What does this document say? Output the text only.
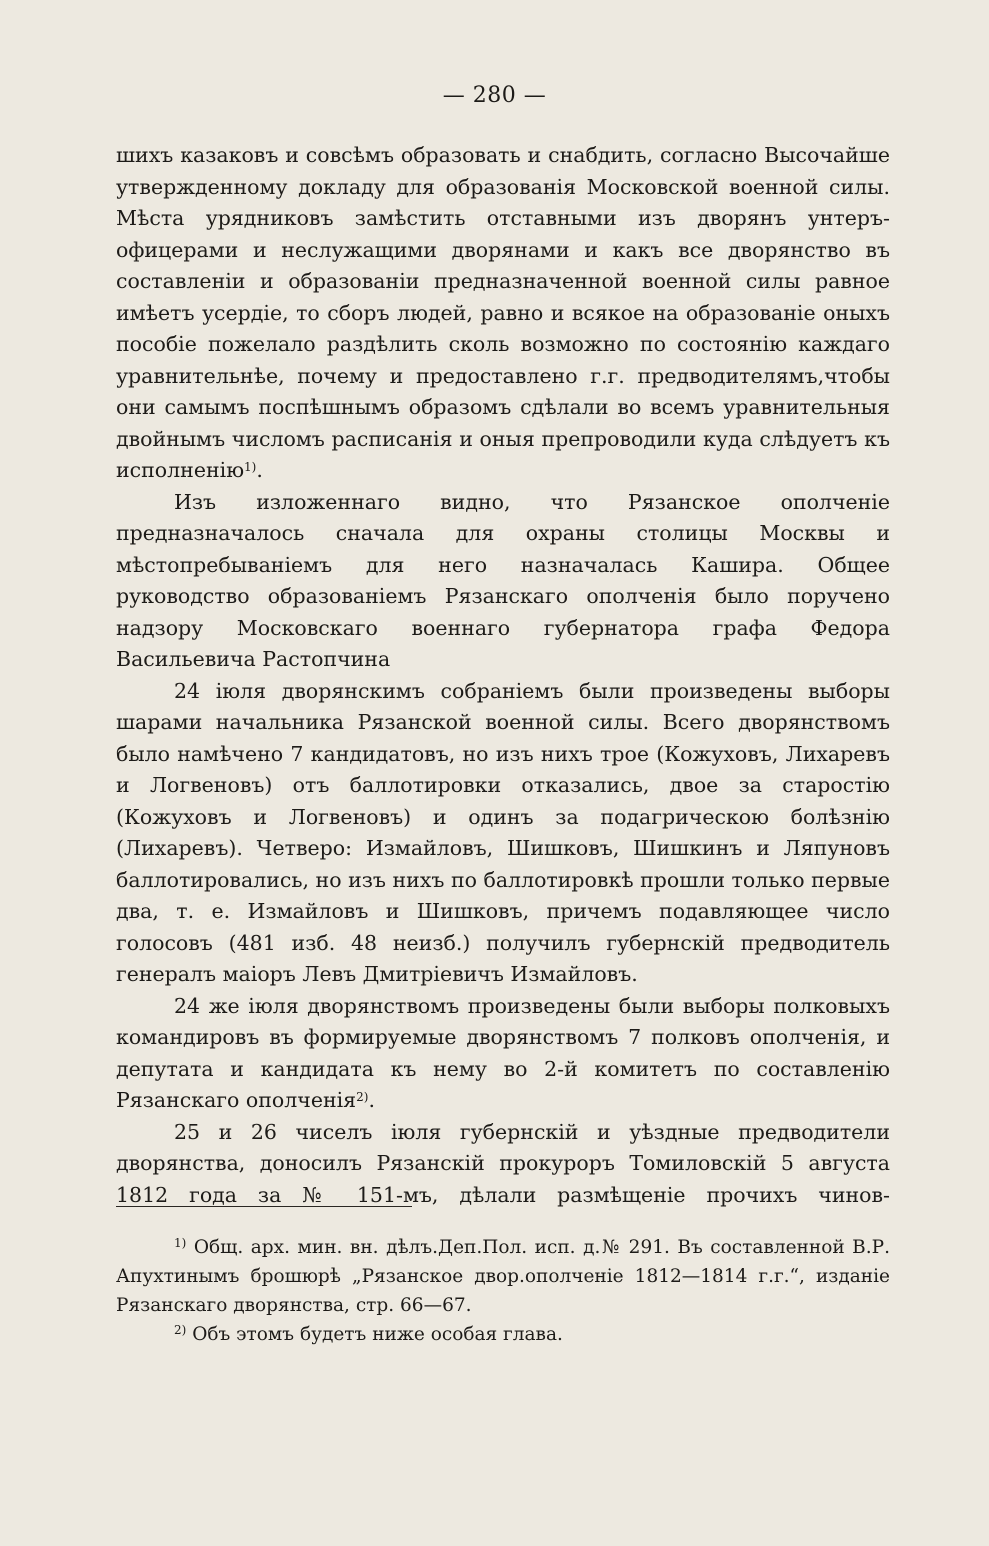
— 280 —

шихъ казаковъ и совсѣмъ образовать и снабдить, согласно Высочайше утвержденному докладу для образованія Московской военной силы. Мѣста урядниковъ замѣстить отставными изъ дворянъ унтеръ-офицерами и неслужащими дворянами и какъ все дворянство въ составленіи и образованіи предназначенной военной силы равное имѣетъ усердіе, то сборъ людей, равно и всякое на образованіе оныхъ пособіе пожелало раздѣлить сколь возможно по состоянію каждаго уравнительнѣе, почему и предоставлено г.г. предводителямъ,чтобы они самымъ поспѣшнымъ образомъ сдѣлали во всемъ уравнительныя двойнымъ числомъ расписанія и оныя препроводили куда слѣдуетъ къ исполненію$^{1)}$.

Изъ изложеннаго видно, что Рязанское ополченіе предназначалось сначала для охраны столицы Москвы и мѣстопребываніемъ для него назначалась Кашира. Общее руководство образованіемъ Рязанскаго ополченія было поручено надзору Московскаго военнаго губернатора графа Федора Васильевича Растопчина

24 іюля дворянскимъ собраніемъ были произведены выборы шарами начальника Рязанской военной силы. Всего дворянствомъ было намѣчено 7 кандидатовъ, но изъ нихъ трое (Кожуховъ, Лихаревъ и Логвеновъ) отъ баллотировки отказались, двое за старостію (Кожуховъ и Логвеновъ) и одинъ за подагрическою болѣзнію (Лихаревъ). Четверо: Измайловъ, Шишковъ, Шишкинъ и Ляпуновъ баллотировались, но изъ нихъ по баллотировкѣ прошли только первые два, т. е. Измайловъ и Шишковъ, причемъ подавляющее число голосовъ (481 изб. 48 неизб.) получилъ губернскій предводитель генералъ маіоръ Левъ Дмитріевичъ Измайловъ.

24 же іюля дворянствомъ произведены были выборы полковыхъ командировъ въ формируемые дворянствомъ 7 полковъ ополченія, и депутата и кандидата къ нему во 2-й комитетъ по составленію Рязанскаго ополченія$^{2)}$.

25 и 26 чиселъ іюля губернскій и уѣздные предводители дворянства, доносилъ Рязанскій прокуроръ Томиловскій 5 августа 1812 года за № 151-мъ, дѣлали размѣщеніе прочихъ чинов-

$^{1)}$ Общ. арх. мин. вн. дѣлъ.Деп.Пол. исп. д.№ 291. Въ составленной В.Р. Апухтинымъ брошюрѣ „Рязанское двор.ополченіе 1812—1814 г.г.“, изданіе Рязанскаго дворянства, стр. 66—67.

$^{2)}$ Объ этомъ будетъ ниже особая глава.
